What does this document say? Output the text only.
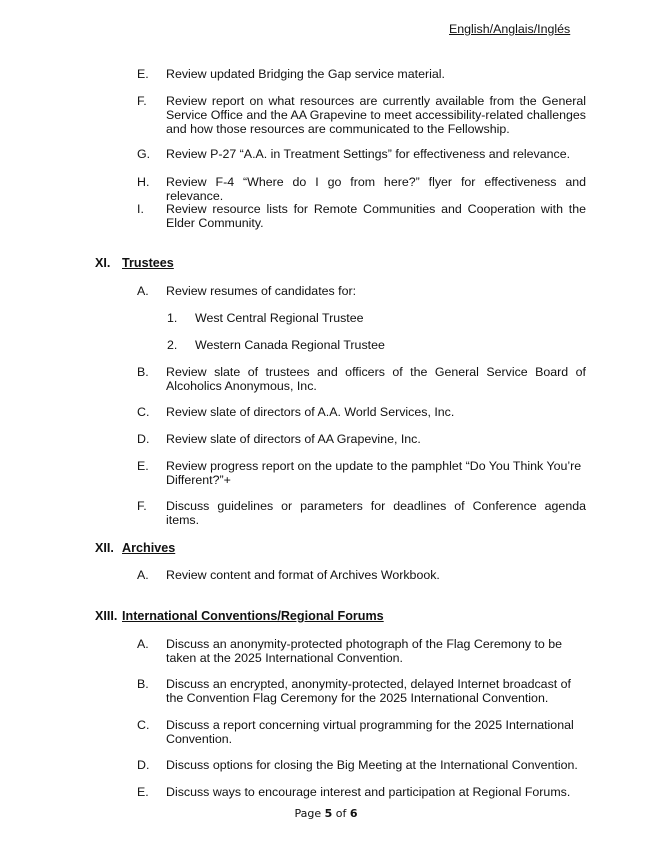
English/Anglais/Inglés
E. Review updated Bridging the Gap service material.
F. Review report on what resources are currently available from the General Service Office and the AA Grapevine to meet accessibility-related challenges and how those resources are communicated to the Fellowship.
G. Review P-27 “A.A. in Treatment Settings” for effectiveness and relevance.
H. Review F-4 “Where do I go from here?” flyer for effectiveness and relevance.
I. Review resource lists for Remote Communities and Cooperation with the Elder Community.
XI. Trustees
A. Review resumes of candidates for:
1. West Central Regional Trustee
2. Western Canada Regional Trustee
B. Review slate of trustees and officers of the General Service Board of Alcoholics Anonymous, Inc.
C. Review slate of directors of A.A. World Services, Inc.
D. Review slate of directors of AA Grapevine, Inc.
E. Review progress report on the update to the pamphlet “Do You Think You’re Different?”+
F. Discuss guidelines or parameters for deadlines of Conference agenda items.
XII. Archives
A. Review content and format of Archives Workbook.
XIII. International Conventions/Regional Forums
A. Discuss an anonymity-protected photograph of the Flag Ceremony to be taken at the 2025 International Convention.
B. Discuss an encrypted, anonymity-protected, delayed Internet broadcast of the Convention Flag Ceremony for the 2025 International Convention.
C. Discuss a report concerning virtual programming for the 2025 International Convention.
D. Discuss options for closing the Big Meeting at the International Convention.
E. Discuss ways to encourage interest and participation at Regional Forums.
Page 5 of 6
